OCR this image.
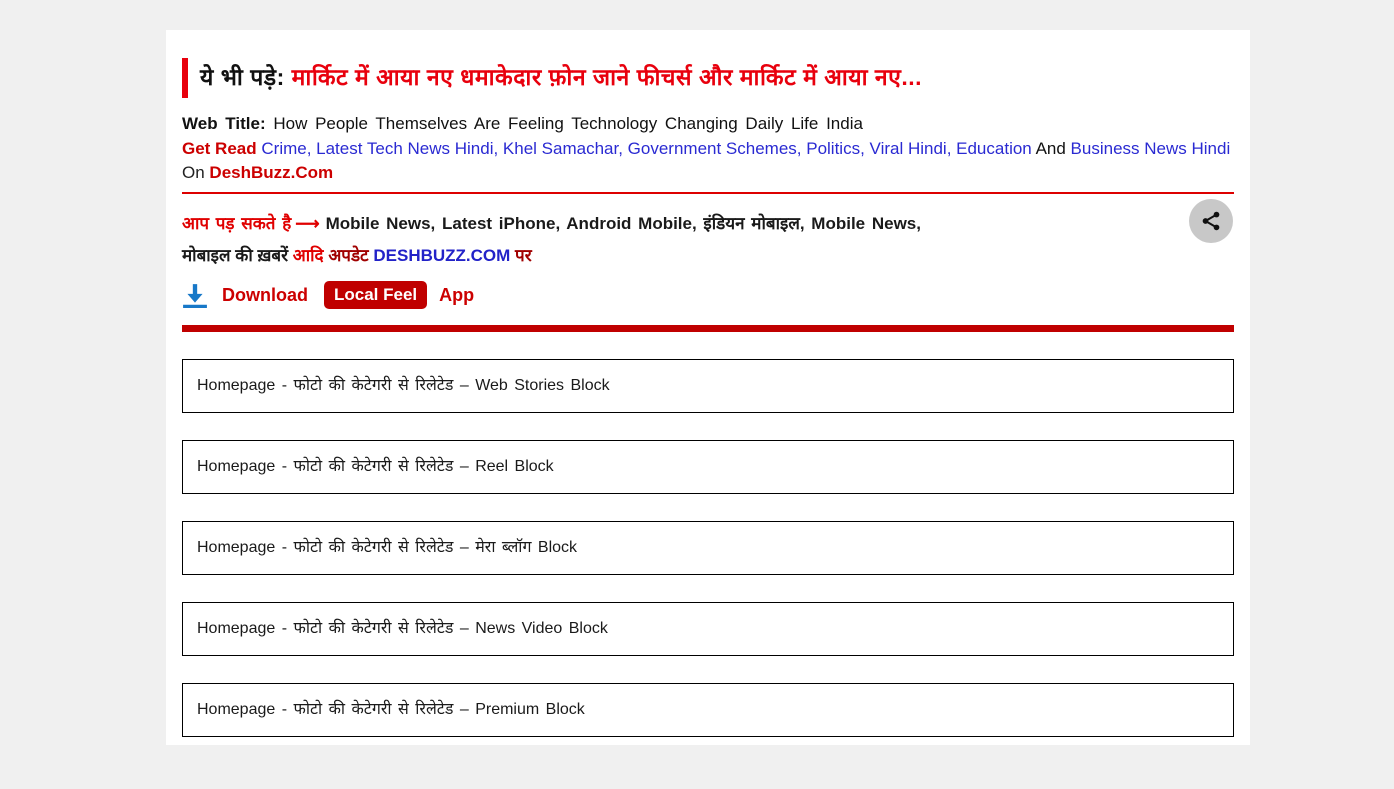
ये भी पड़े: मार्किट में आया नए धमाकेदार फ़ोन जाने फीचर्स और मार्किट में आया नए...
Web Title: How People Themselves Are Feeling Technology Changing Daily Life India
Get Read Crime, Latest Tech News Hindi, Khel Samachar, Government Schemes, Politics, Viral Hindi, Education And Business News Hindi
On DeshBuzz.Com
आप पड़ सकते है ⟶ Mobile News, Latest iPhone, Android Mobile, इंडियन मोबाइल, Mobile News,
मोबाइल की ख़बरें आदि अपडेट DESHBUZZ.COM पर
Download	Local Feel	App
Homepage - फोटो की केटेगरी से रिलेटेड – Web Stories Block
Homepage - फोटो की केटेगरी से रिलेटेड – Reel Block
Homepage - फोटो की केटेगरी से रिलेटेड – मेरा ब्लॉग Block
Homepage - फोटो की केटेगरी से रिलेटेड – News Video Block
Homepage - फोटो की केटेगरी से रिलेटेड – Premium Block
